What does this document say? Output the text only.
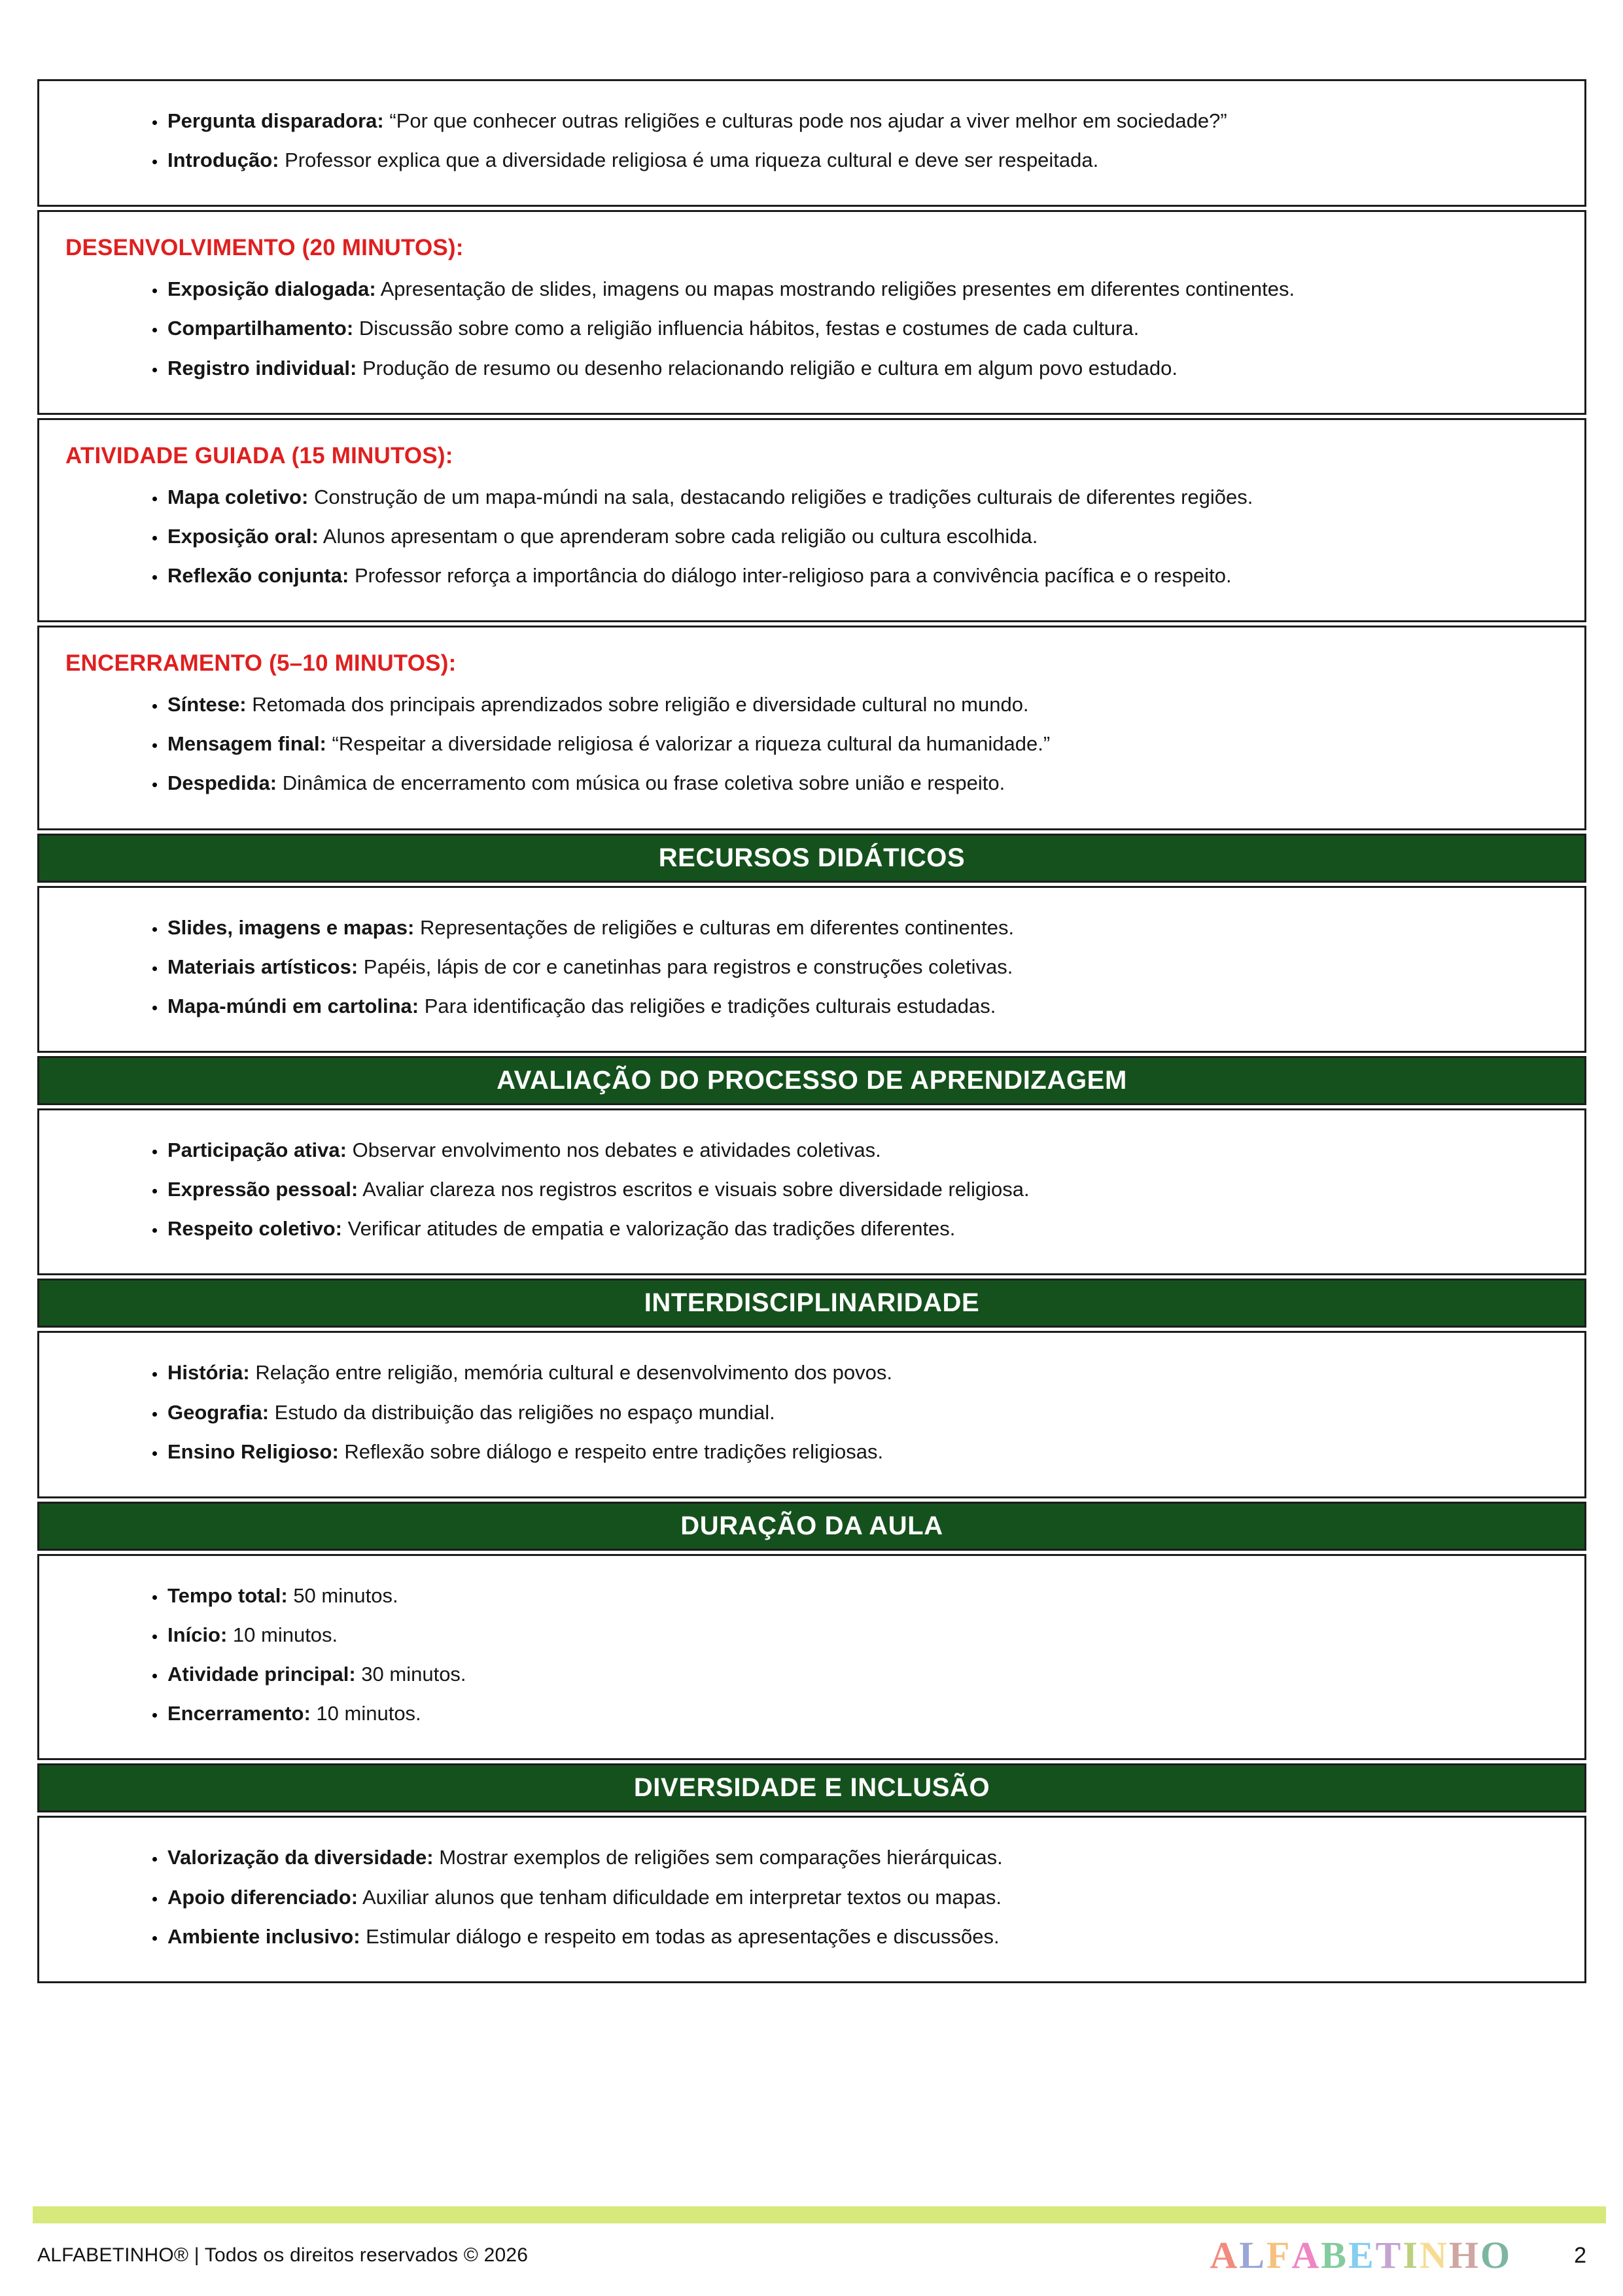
• Pergunta disparadora: “Por que conhecer outras religiões e culturas pode nos ajudar a viver melhor em sociedade?”
• Introdução: Professor explica que a diversidade religiosa é uma riqueza cultural e deve ser respeitada.
DESENVOLVIMENTO (20 MINUTOS):
• Exposição dialogada: Apresentação de slides, imagens ou mapas mostrando religiões presentes em diferentes continentes.
• Compartilhamento: Discussão sobre como a religião influencia hábitos, festas e costumes de cada cultura.
• Registro individual: Produção de resumo ou desenho relacionando religião e cultura em algum povo estudado.
ATIVIDADE GUIADA (15 MINUTOS):
• Mapa coletivo: Construção de um mapa-múndi na sala, destacando religiões e tradições culturais de diferentes regiões.
• Exposição oral: Alunos apresentam o que aprenderam sobre cada religião ou cultura escolhida.
• Reflexão conjunta: Professor reforça a importância do diálogo inter-religioso para a convivência pacífica e o respeito.
ENCERRAMENTO (5–10 MINUTOS):
• Síntese: Retomada dos principais aprendizados sobre religião e diversidade cultural no mundo.
• Mensagem final: “Respeitar a diversidade religiosa é valorizar a riqueza cultural da humanidade.”
• Despedida: Dinâmica de encerramento com música ou frase coletiva sobre união e respeito.
RECURSOS DIDÁTICOS
• Slides, imagens e mapas: Representações de religiões e culturas em diferentes continentes.
• Materiais artísticos: Papéis, lápis de cor e canetinhas para registros e construções coletivas.
• Mapa-múndi em cartolina: Para identificação das religiões e tradições culturais estudadas.
AVALIAÇÃO DO PROCESSO DE APRENDIZAGEM
• Participação ativa: Observar envolvimento nos debates e atividades coletivas.
• Expressão pessoal: Avaliar clareza nos registros escritos e visuais sobre diversidade religiosa.
• Respeito coletivo: Verificar atitudes de empatia e valorização das tradições diferentes.
INTERDISCIPLINARIDADE
• História: Relação entre religião, memória cultural e desenvolvimento dos povos.
• Geografia: Estudo da distribuição das religiões no espaço mundial.
• Ensino Religioso: Reflexão sobre diálogo e respeito entre tradições religiosas.
DURAÇÃO DA AULA
• Tempo total: 50 minutos.
• Início: 10 minutos.
• Atividade principal: 30 minutos.
• Encerramento: 10 minutos.
DIVERSIDADE E INCLUSÃO
• Valorização da diversidade: Mostrar exemplos de religiões sem comparações hierárquicas.
• Apoio diferenciado: Auxiliar alunos que tenham dificuldade em interpretar textos ou mapas.
• Ambiente inclusivo: Estimular diálogo e respeito em todas as apresentações e discussões.
ALFABETINHO® | Todos os direitos reservados © 2026	ALFABETINHO	2
